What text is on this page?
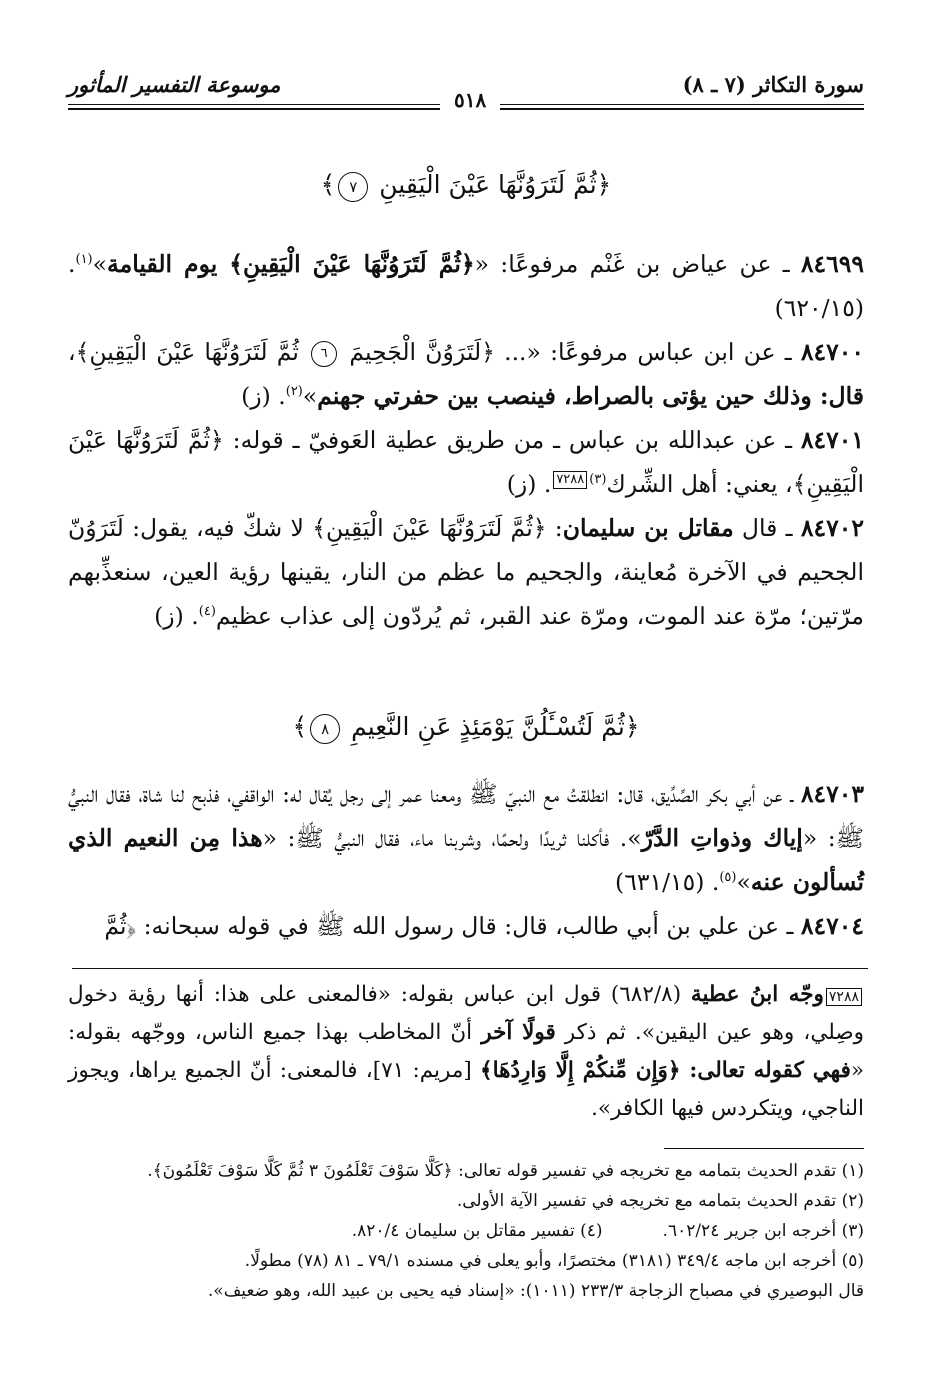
سورة التكاثر (٧ ـ ٨)
٥١٨
موسوعة التفسير المأثور
﴿ثُمَّ لَتَرَوُنَّهَا عَيْنَ الْيَقِينِ ٧﴾
٨٤٦٩٩ ـ عن عياض بن غَنْم مرفوعًا: «﴿ثُمَّ لَتَرَوُنَّهَا عَيْنَ الْيَقِينِ﴾ يوم القيامة»$^{(١)}$. (٦٢٠/١٥)
٨٤٧٠٠ ـ عن ابن عباس مرفوعًا: «... ﴿لَتَرَوُنَّ الْجَحِيمَ ٦ ثُمَّ لَتَرَوُنَّهَا عَيْنَ الْيَقِينِ﴾، قال: وذلك حين يؤتى بالصراط، فينصب بين حفرتي جهنم»$^{(٢)}$. (ز)
٨٤٧٠١ ـ عن عبدالله بن عباس ـ من طريق عطية العَوفيّ ـ قوله: ﴿ثُمَّ لَتَرَوُنَّهَا عَيْنَ الْيَقِينِ﴾، يعني: أهل الشِّرك$^{(٣)}$٧٢٨٨. (ز)
٨٤٧٠٢ ـ قال مقاتل بن سليمان: ﴿ثُمَّ لَتَرَوُنَّهَا عَيْنَ الْيَقِينِ﴾ لا شكّ فيه، يقول: لَتَرَوُنّ الجحيم في الآخرة مُعاينة، والجحيم ما عظم من النار، يقينها رؤية العين، سنعذِّبهم مرّتين؛ مرّة عند الموت، ومرّة عند القبر، ثم يُردّون إلى عذاب عظيم$^{(٤)}$. (ز)
﴿ثُمَّ لَتُسْـَٔلُنَّ يَوْمَئِذٍ عَنِ النَّعِيمِ ٨﴾
٨٤٧٠٣ ـ عن أبي بكر الصِّدِّيق، قال: انطلقتُ مع النبيّ ﷺ ومعنا عمر إلى رجل يُقال له: الواقفي، فذبح لنا شاة، فقال النبيُّ ﷺ: «إياك وذواتِ الدَّرّ». فأكلنا ثريدًا ولحمًا، وشربنا ماء، فقال النبيُّ ﷺ: «هذا مِن النعيم الذي تُسألون عنه»$^{(٥)}$. (٦٣١/١٥)
٨٤٧٠٤ ـ عن علي بن أبي طالب، قال: قال رسول الله ﷺ في قوله سبحانه: ﴿ثُمَّ
٧٢٨٨وجّه ابنُ عطية (٦٨٢/٨) قول ابن عباس بقوله: «فالمعنى على هذا: أنها رؤية دخول وصِلي، وهو عين اليقين». ثم ذكر قولًا آخر أنّ المخاطب بهذا جميع الناس، ووجّهه بقوله: «فهي كقوله تعالى: ﴿وَإِن مِّنكُمْ إِلَّا وَارِدُهَا﴾ [مريم: ٧١]، فالمعنى: أنّ الجميع يراها، ويجوز الناجي، ويتكردس فيها الكافر».
(١) تقدم الحديث بتمامه مع تخريجه في تفسير قوله تعالى: ﴿كَلَّا سَوْفَ تَعْلَمُونَ ٣ ثُمَّ كَلَّا سَوْفَ تَعْلَمُونَ﴾.
(٢) تقدم الحديث بتمامه مع تخريجه في تفسير الآية الأولى.
(٣) أخرجه ابن جرير ٦٠٢/٢٤.
(٤) تفسير مقاتل بن سليمان ٨٢٠/٤.
(٥) أخرجه ابن ماجه ٣٤٩/٤ (٣١٨١) مختصرًا، وأبو يعلى في مسنده ٧٩/١ ـ ٨١ (٧٨) مطولًا.
قال البوصيري في مصباح الزجاجة ٢٣٣/٣ (١٠١١): «إسناد فيه يحيى بن عبيد الله، وهو ضعيف».
